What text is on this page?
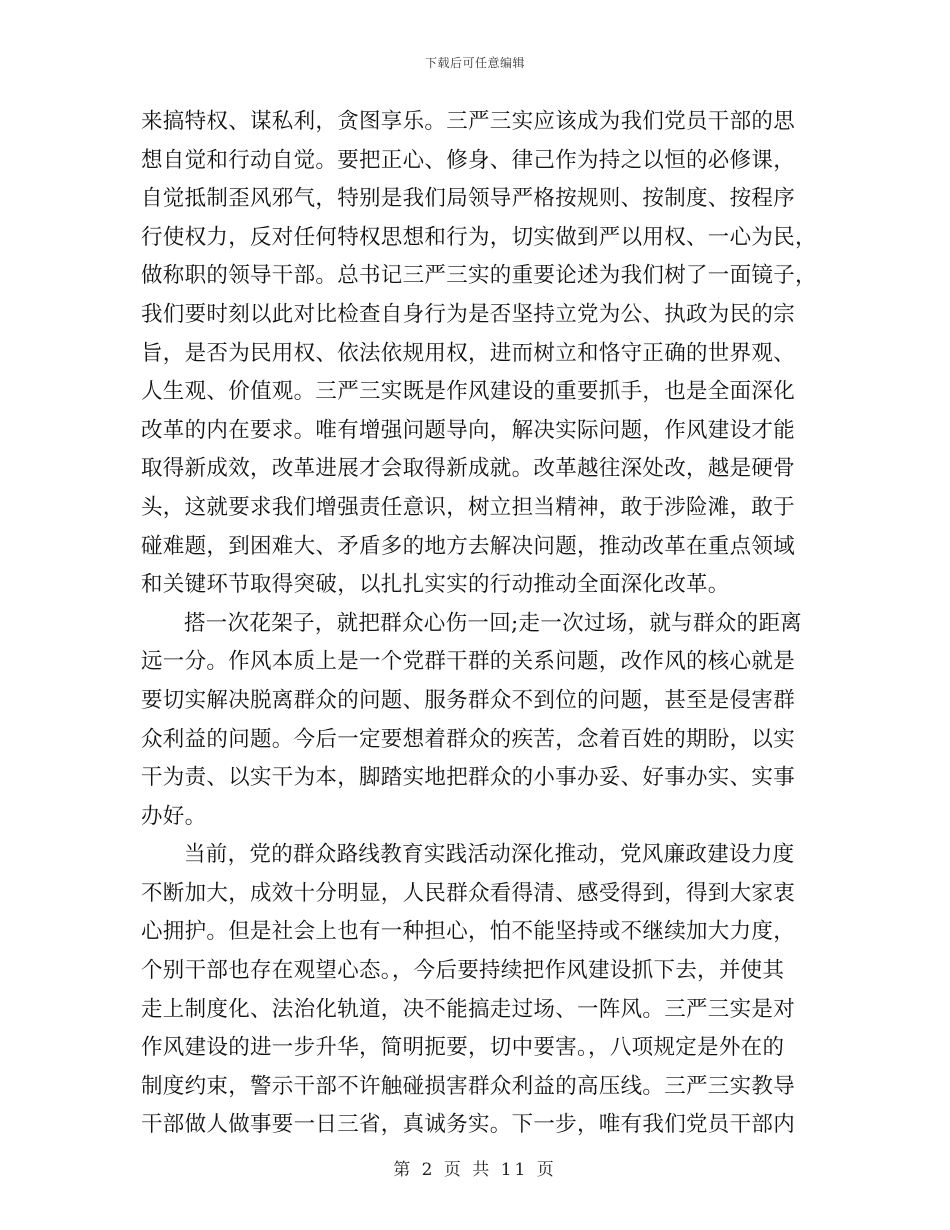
下载后可任意编辑
来搞特权、谋私利，贪图享乐。三严三实应该成为我们党员干部的思
想自觉和行动自觉。要把正心、修身、律己作为持之以恒的必修课，
自觉抵制歪风邪气，特别是我们局领导严格按规则、按制度、按程序
行使权力，反对任何特权思想和行为，切实做到严以用权、一心为民，
做称职的领导干部。总书记三严三实的重要论述为我们树了一面镜子，
我们要时刻以此对比检查自身行为是否坚持立党为公、执政为民的宗
旨，是否为民用权、依法依规用权，进而树立和恪守正确的世界观、
人生观、价值观。三严三实既是作风建设的重要抓手，也是全面深化
改革的内在要求。唯有增强问题导向，解决实际问题，作风建设才能
取得新成效，改革进展才会取得新成就。改革越往深处改，越是硬骨
头，这就要求我们增强责任意识，树立担当精神，敢于涉险滩，敢于
碰难题，到困难大、矛盾多的地方去解决问题，推动改革在重点领域
和关键环节取得突破，以扎扎实实的行动推动全面深化改革。
搭一次花架子，就把群众心伤一回;走一次过场，就与群众的距离
远一分。作风本质上是一个党群干群的关系问题，改作风的核心就是
要切实解决脱离群众的问题、服务群众不到位的问题，甚至是侵害群
众利益的问题。今后一定要想着群众的疾苦，念着百姓的期盼，以实
干为责、以实干为本，脚踏实地把群众的小事办妥、好事办实、实事
办好。
当前，党的群众路线教育实践活动深化推动，党风廉政建设力度
不断加大，成效十分明显，人民群众看得清、感受得到，得到大家衷
心拥护。但是社会上也有一种担心，怕不能坚持或不继续加大力度，
个别干部也存在观望心态。，今后要持续把作风建设抓下去，并使其
走上制度化、法治化轨道，决不能搞走过场、一阵风。三严三实是对
作风建设的进一步升华，简明扼要，切中要害。，八项规定是外在的
制度约束，警示干部不许触碰损害群众利益的高压线。三严三实教导
干部做人做事要一日三省，真诚务实。下一步，唯有我们党员干部内
第 2 页 共 11 页
